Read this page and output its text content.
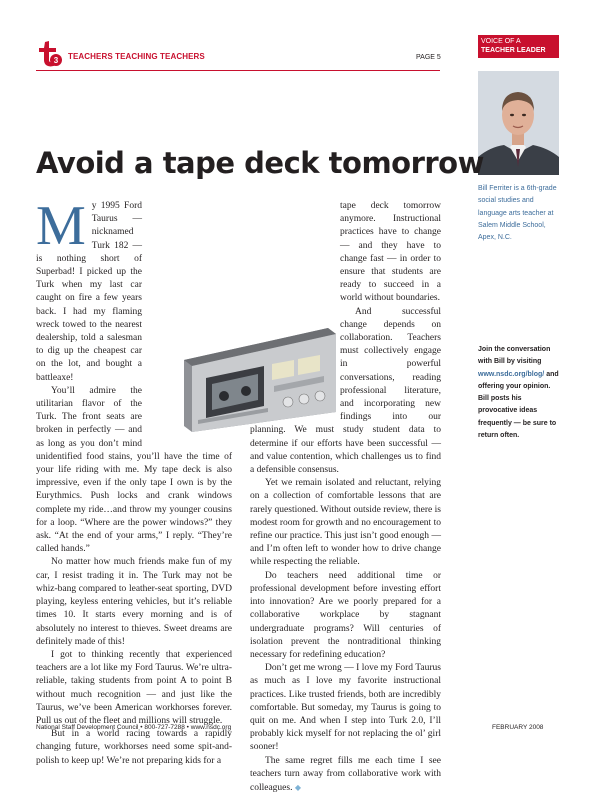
3 TEACHERS TEACHING TEACHERS	PAGE 5
VOICE OF A
TEACHER LEADER
Bill Ferriter is a 6th-grade social studies and language arts teacher at Salem Middle School, Apex, N.C.
Join the conversation with Bill by visiting www.nsdc.org/blog/ and offering your opinion. Bill posts his provocative ideas frequently — be sure to return often.
Avoid a tape deck tomorrow
M y 1995 Ford Taurus — nicknamed Turk 182 — is nothing short of Superbad! I picked up the Turk when my last car caught on fire a few years back. I had my flaming wreck towed to the nearest dealership, told a salesman to dig up the cheapest car on the lot, and bought a battleaxe!

You’ll admire the utilitarian flavor of the Turk. The front seats are broken in perfectly — and as long as you don’t mind unidentified food stains, you’ll have the time of your life riding with me. My tape deck is also impressive, even if the only tape I own is by the Eurythmics. Push locks and crank windows complete my ride…and throw my younger cousins for a loop. “Where are the power windows?” they ask. “At the end of your arms,” I reply. “They’re called hands.”

No matter how much friends make fun of my car, I resist trading it in. The Turk may not be whiz-bang compared to leather-seat sporting, DVD playing, keyless entering vehicles, but it’s reliable times 10. It starts every morning and is of absolutely no interest to thieves. Sweet dreams are definitely made of this!

I got to thinking recently that experienced teachers are a lot like my Ford Taurus. We’re ultra-reliable, taking students from point A to point B without much recognition — and just like the Taurus, we’ve been American workhorses forever. Pull us out of the fleet and millions will struggle.

But in a world racing towards a rapidly changing future, workhorses need some spit-and-polish to keep up! We’re not preparing kids for a

tape deck tomorrow anymore. Instructional practices have to change — and they have to change fast — in order to ensure that students are ready to succeed in a world without boundaries.

And successful change depends on collaboration. Teachers must collectively engage in powerful conversations, reading professional literature, and incorporating new findings into our planning. We must study student data to determine if our efforts have been successful — and value contention, which challenges us to find a defensible consensus.

Yet we remain isolated and reluctant, relying on a collection of comfortable lessons that are rarely questioned. Without outside review, there is modest room for growth and no encouragement to refine our practice. This just isn’t good enough — and I’m often left to wonder how to drive change while respecting the reliable.

Do teachers need additional time or professional development before investing effort into innovation? Are we poorly prepared for a collaborative workplace by stagnant undergraduate programs? Will centuries of isolation prevent the nontraditional thinking necessary for redefining education?

Don’t get me wrong — I love my Ford Taurus as much as I love my favorite instructional practices. Like trusted friends, both are incredibly comfortable. But someday, my Taurus is going to quit on me. And when I step into Turk 2.0, I’ll probably kick myself for not replacing the ol’ girl sooner!

The same regret fills me each time I see teachers turn away from collaborative work with colleagues. ◆

National Staff Development Council • 800-727-7288 • www.nsdc.org	FEBRUARY 2008
